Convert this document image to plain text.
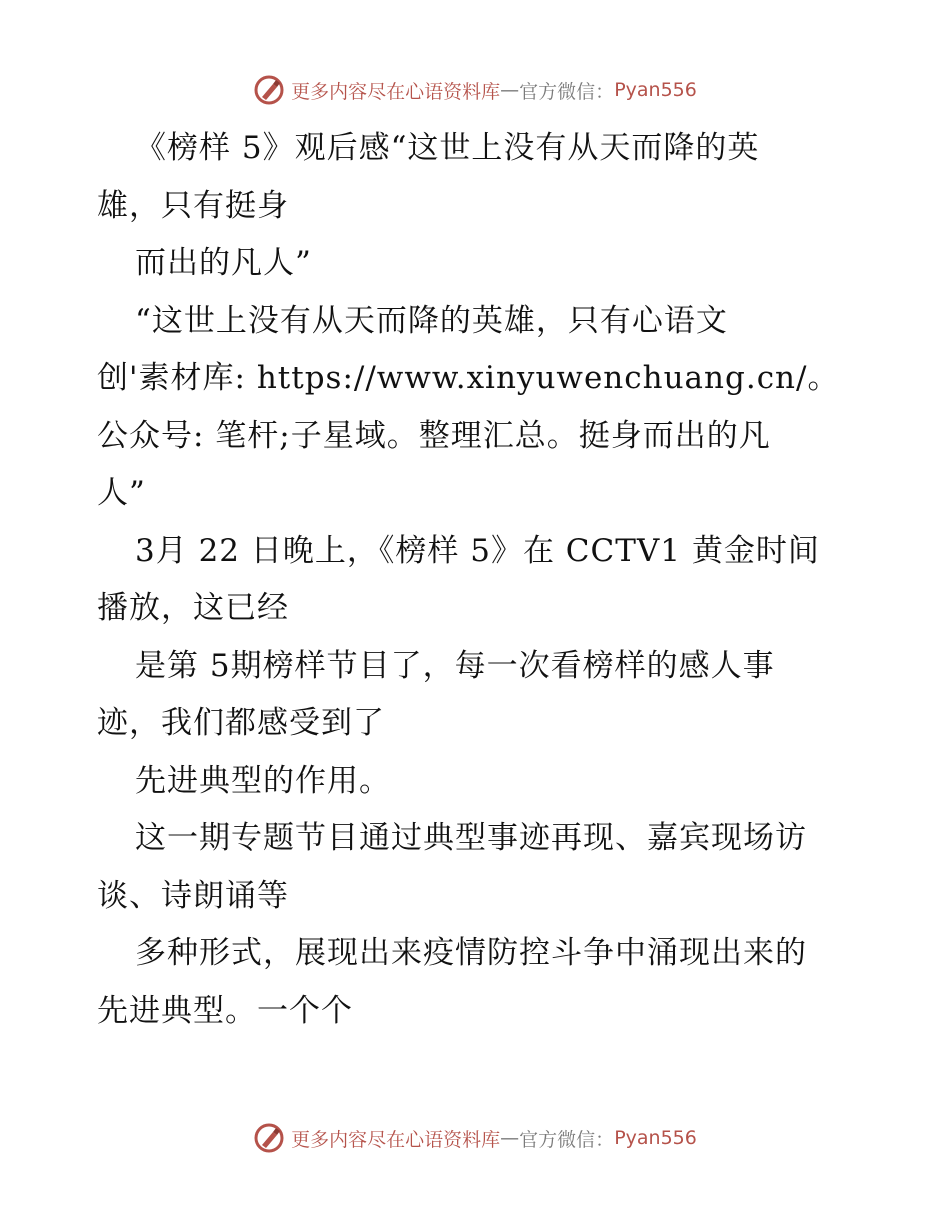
更多内容尽在心语资料库 — 官方微信： Pyan556
《榜样 5》观后感“这世上没有从天而降的英
雄，只有挺身
而出的凡人”
“这世上没有从天而降的英雄，只有心语文
创'素材库: https://www.xinyuwenchuang.cn/。
公众号: 笔杆;子星域。整理汇总。挺身而出的凡
人”
3月 22 日晚上，《榜样 5》在 CCTV1 黄金时间
播放，这已经
是第 5期榜样节目了，每一次看榜样的感人事
迹，我们都感受到了
先进典型的作用。
这一期专题节目通过典型事迹再现、嘉宾现场访
谈、诗朗诵等
多种形式，展现出来疫情防控斗争中涌现出来的
先进典型。一个个
更多内容尽在心语资料库 — 官方微信： Pyan556
